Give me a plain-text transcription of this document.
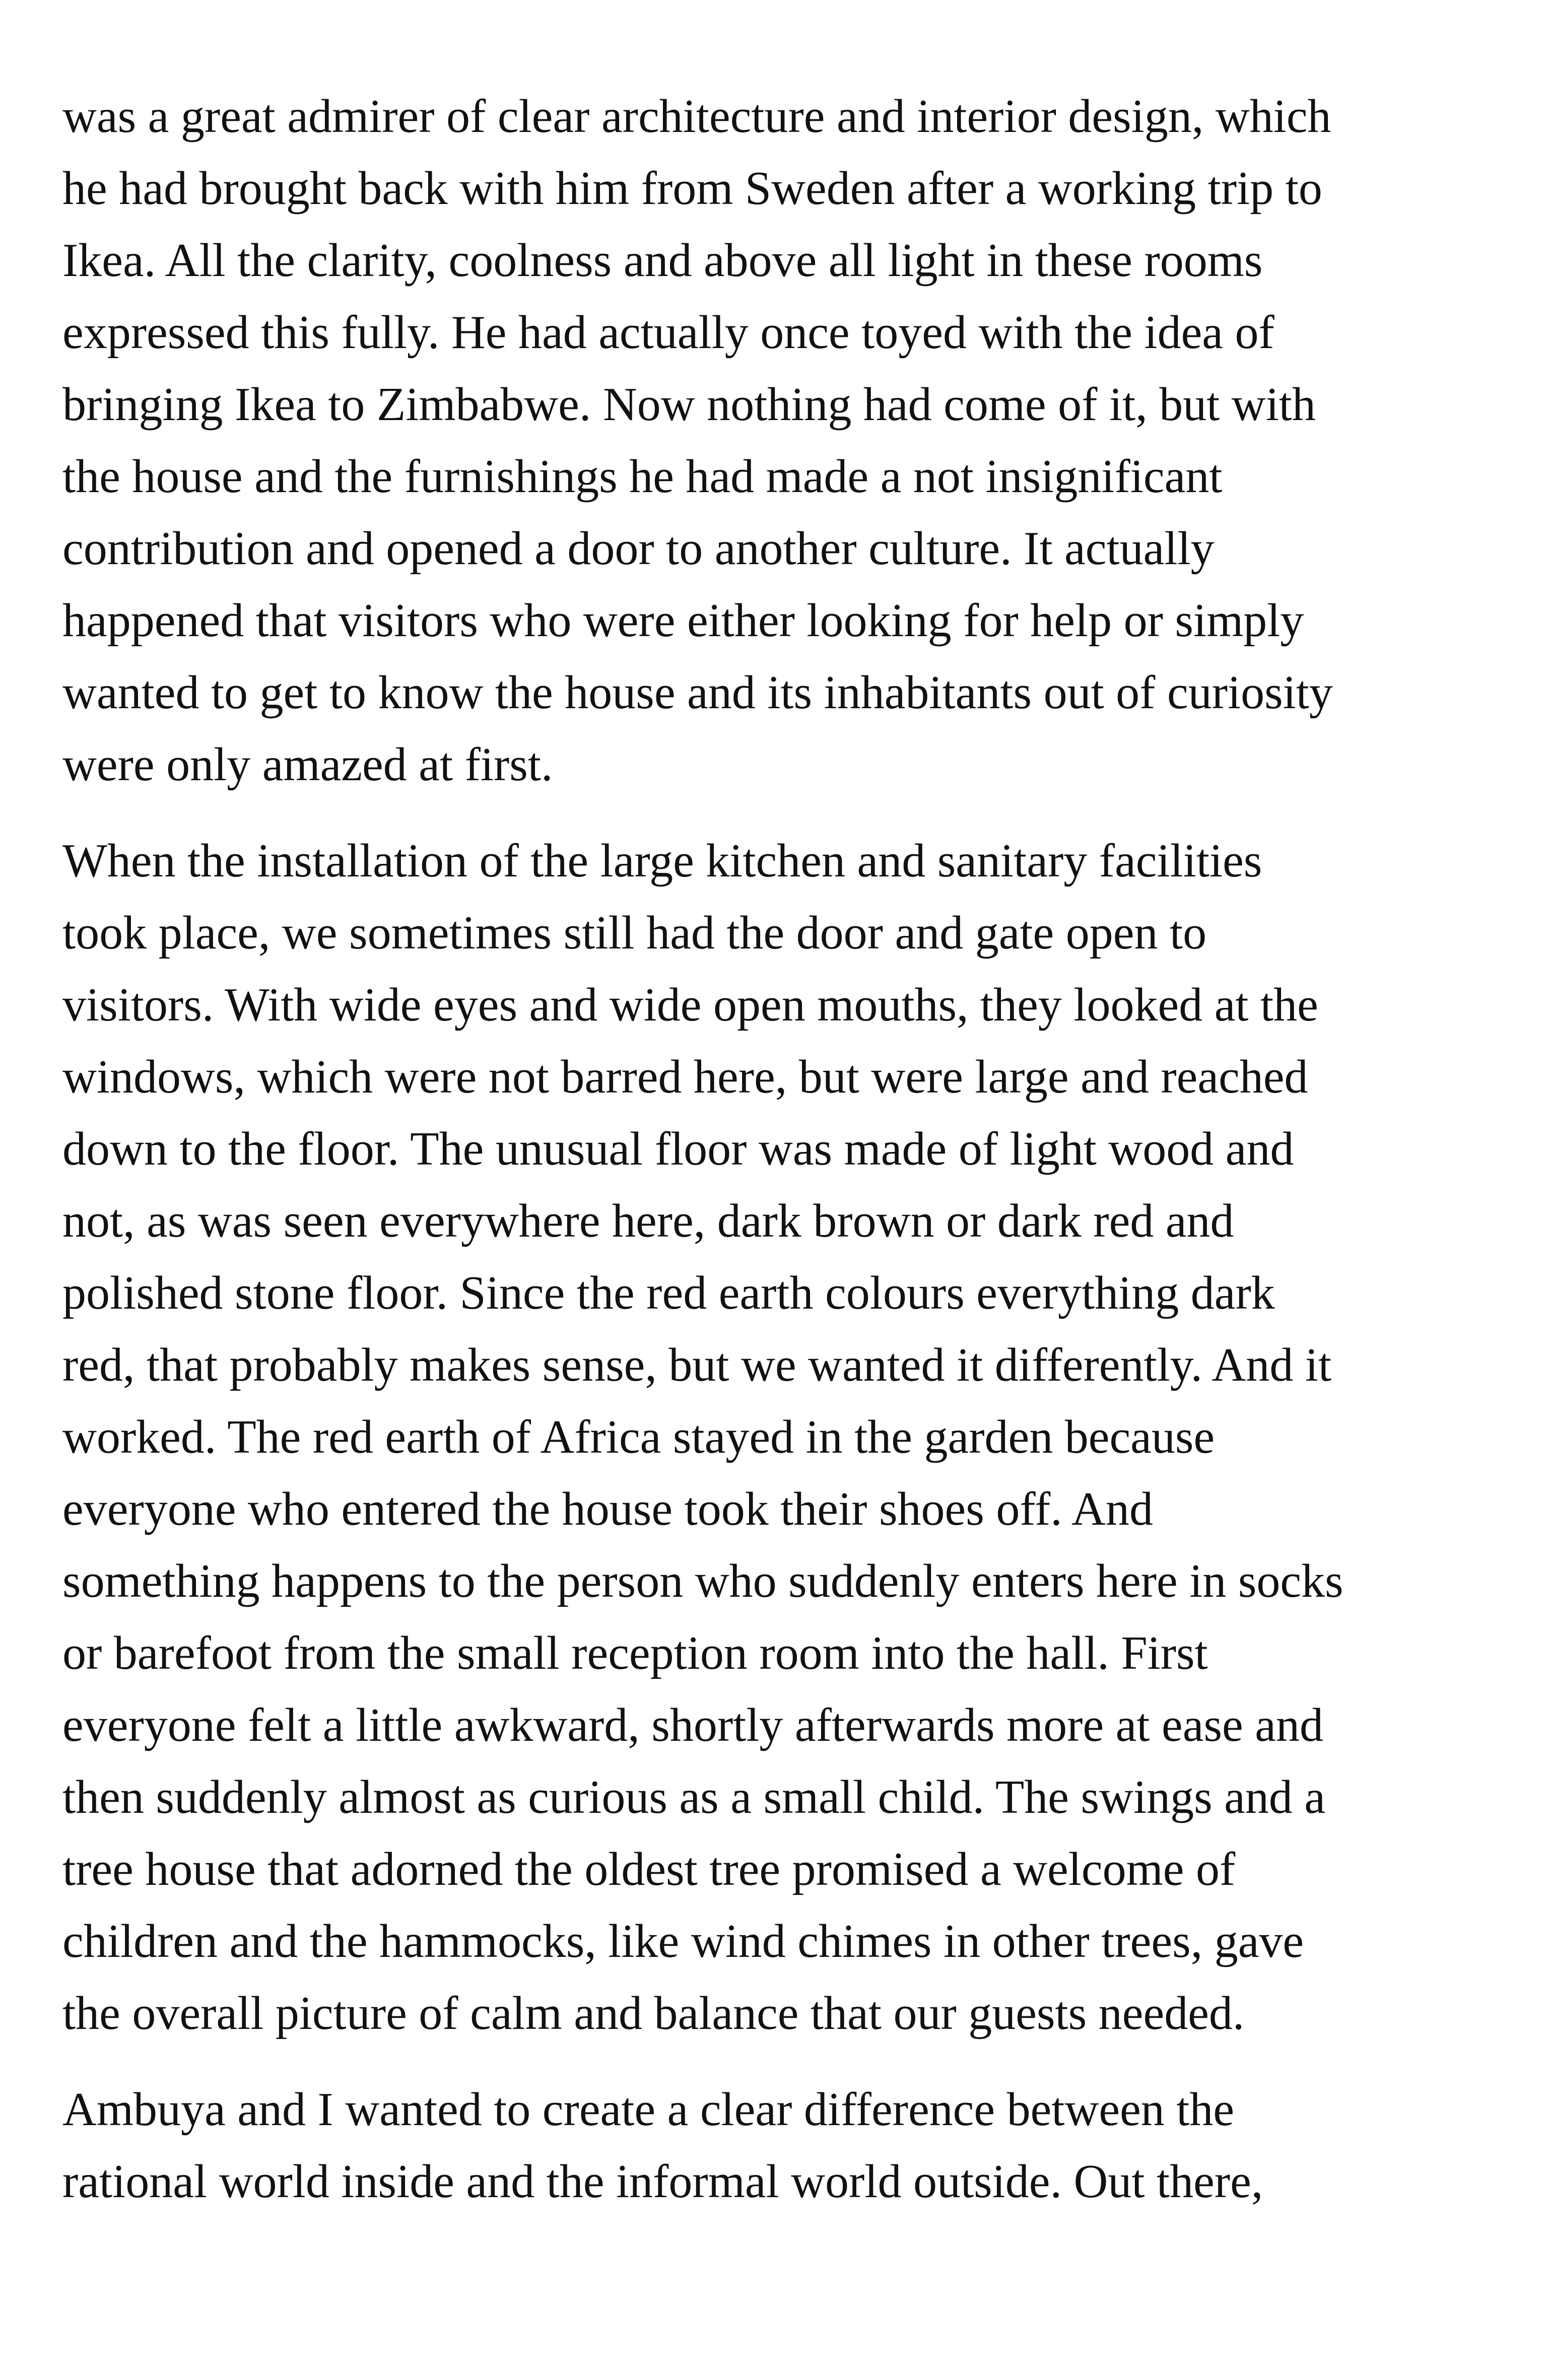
was a great admirer of clear architecture and interior design, which
he had brought back with him from Sweden after a working trip to
Ikea. All the clarity, coolness and above all light in these rooms
expressed this fully. He had actually once toyed with the idea of
bringing Ikea to Zimbabwe. Now nothing had come of it, but with
the house and the furnishings he had made a not insignificant
contribution and opened a door to another culture. It actually
happened that visitors who were either looking for help or simply
wanted to get to know the house and its inhabitants out of curiosity
were only amazed at first.

When the installation of the large kitchen and sanitary facilities
took place, we sometimes still had the door and gate open to
visitors. With wide eyes and wide open mouths, they looked at the
windows, which were not barred here, but were large and reached
down to the floor. The unusual floor was made of light wood and
not, as was seen everywhere here, dark brown or dark red and
polished stone floor. Since the red earth colours everything dark
red, that probably makes sense, but we wanted it differently. And it
worked. The red earth of Africa stayed in the garden because
everyone who entered the house took their shoes off. And
something happens to the person who suddenly enters here in socks
or barefoot from the small reception room into the hall. First
everyone felt a little awkward, shortly afterwards more at ease and
then suddenly almost as curious as a small child. The swings and a
tree house that adorned the oldest tree promised a welcome of
children and the hammocks, like wind chimes in other trees, gave
the overall picture of calm and balance that our guests needed.

Ambuya and I wanted to create a clear difference between the
rational world inside and the informal world outside. Out there,
